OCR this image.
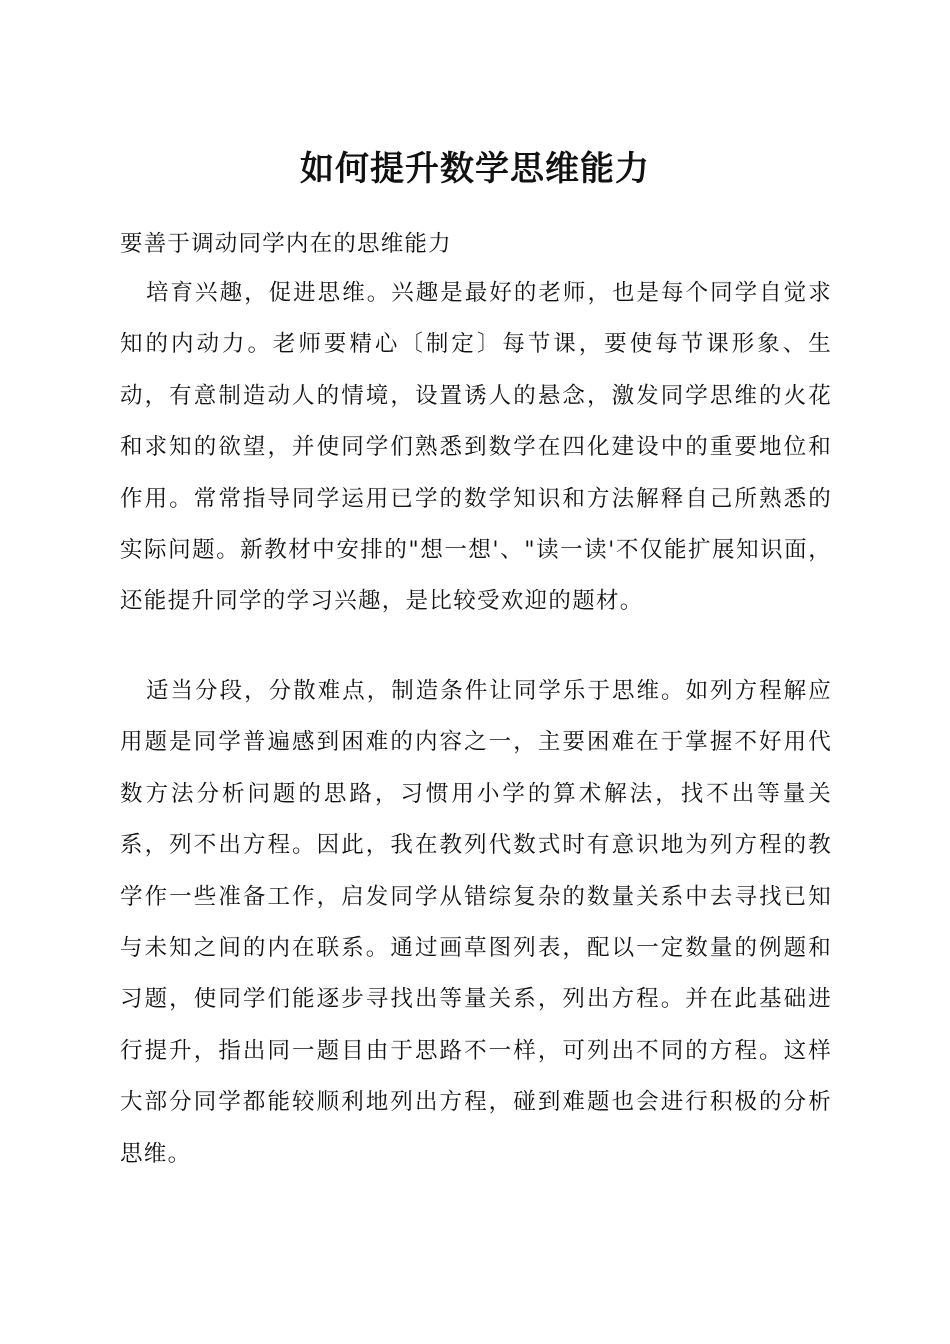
如何提升数学思维能力

要善于调动同学内在的思维能力

培育兴趣，促进思维。兴趣是最好的老师，也是每个同学自觉求知的内动力。老师要精心〔制定〕每节课，要使每节课形象、生动，有意制造动人的情境，设置诱人的悬念，激发同学思维的火花和求知的欲望，并使同学们熟悉到数学在四化建设中的重要地位和作用。常常指导同学运用已学的数学知识和方法解释自己所熟悉的实际问题。新教材中安排的"想一想'、"读一读'不仅能扩展知识面，还能提升同学的学习兴趣，是比较受欢迎的题材。

适当分段，分散难点，制造条件让同学乐于思维。如列方程解应用题是同学普遍感到困难的内容之一，主要困难在于掌握不好用代数方法分析问题的思路，习惯用小学的算术解法，找不出等量关系，列不出方程。因此，我在教列代数式时有意识地为列方程的教学作一些准备工作，启发同学从错综复杂的数量关系中去寻找已知与未知之间的内在联系。通过画草图列表，配以一定数量的例题和习题，使同学们能逐步寻找出等量关系，列出方程。并在此基础进行提升，指出同一题目由于思路不一样，可列出不同的方程。这样大部分同学都能较顺利地列出方程，碰到难题也会进行积极的分析思维。
